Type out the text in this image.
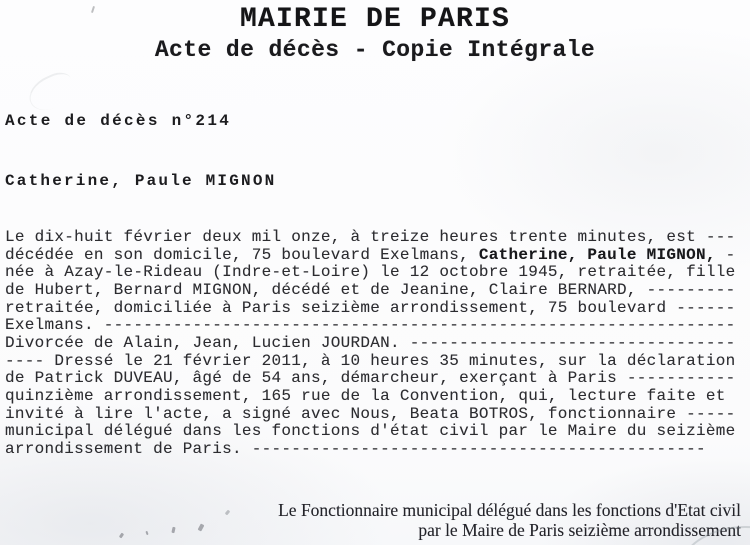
MAIRIE DE PARIS
Acte de décès - Copie Intégrale
Acte de décès n°214
Catherine, Paule MIGNON
Le dix-huit février deux mil onze, à treize heures trente minutes, est ---
décédée en son domicile, 75 boulevard Exelmans, Catherine, Paule MIGNON, -
née à Azay-le-Rideau (Indre-et-Loire) le 12 octobre 1945, retraitée, fille
de Hubert, Bernard MIGNON, décédé et de Jeanine, Claire BERNARD, ---------
retraitée, domiciliée à Paris seizième arrondissement, 75 boulevard ------
Exelmans. ----------------------------------------------------------------
Divorcée de Alain, Jean, Lucien JOURDAN. ---------------------------------
---- Dressé le 21 février 2011, à 10 heures 35 minutes, sur la déclaration
de Patrick DUVEAU, âgé de 54 ans, démarcheur, exerçant à Paris -----------
quinzième arrondissement, 165 rue de la Convention, qui, lecture faite et
invité à lire l'acte, a signé avec Nous, Beata BOTROS, fonctionnaire -----
municipal délégué dans les fonctions d'état civil par le Maire du seizième
arrondissement de Paris. ----------------------------------------------
Le Fonctionnaire municipal délégué dans les fonctions d'Etat civil
par le Maire de Paris seizième arrondissement
